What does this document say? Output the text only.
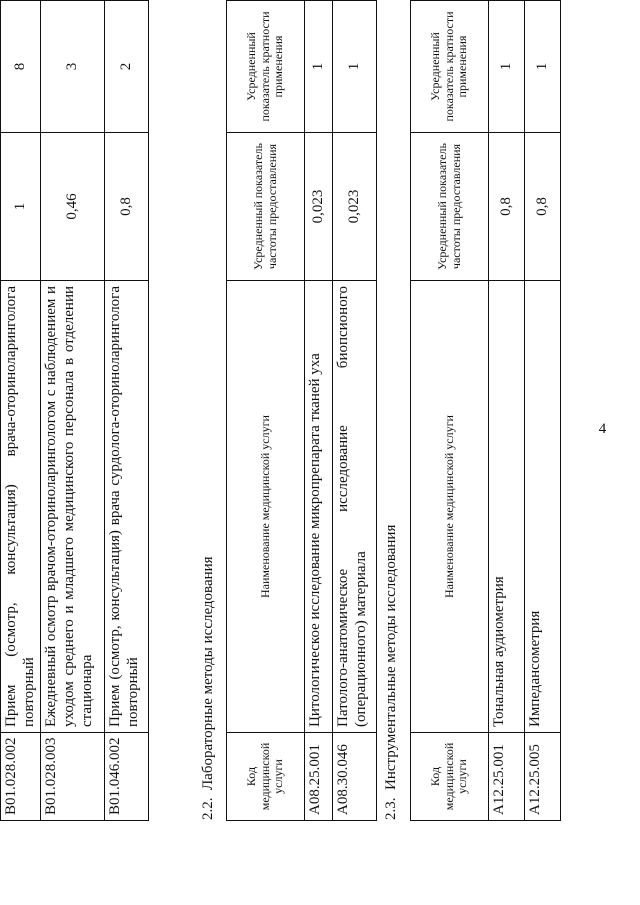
4
B01.028.002	Прием (осмотр, консультация) врача-оториноларинголога повторный	1	8
B01.028.003	Ежедневный осмотр врачом-оториноларингологом с наблюдением и уходом среднего и младшего медицинского персонала в отделении стационара	0,46	3
B01.046.002	Прием (осмотр, консультация) врача сурдолога-оториноларинголога повторный	0,8	2
2.2.Лабораторные методы исследования Код медицинской услуги	Наименование медицинской услуги	Усредненный показатель частоты предоставления	Усредненный показатель кратности применения
A08.25.001	Цитологическое исследование микропрепарата тканей уха	0,023	1
A08.30.046	Патолого-анатомическое исследование биопсионого (операционного) материала	0,023	1
2.3.Инструментальные методы исследования Код медицинской услуги	Наименование медицинской услуги	Усредненный показатель частоты предоставления	Усредненный показатель кратности применения
A12.25.001	Тональная аудиометрия	0,8	1
A12.25.005	Импедансометрия	0,8	1
